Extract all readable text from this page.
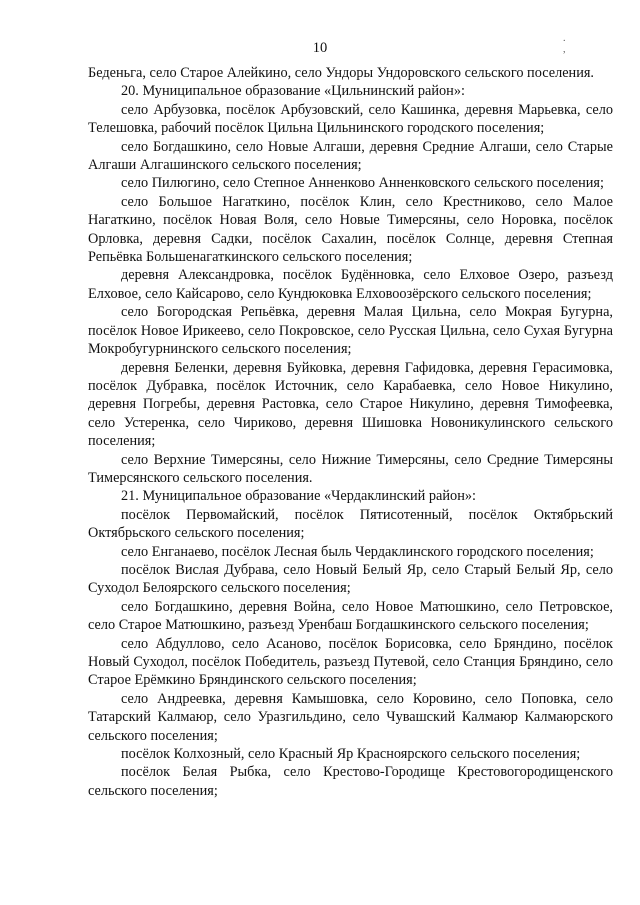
. ,
10

Беденьга, село Старое Алейкино, село Ундоры Ундоровского сельского поселения.

20. Муниципальное образование «Цильнинский район»:

село Арбузовка, посёлок Арбузовский, село Кашинка, деревня Марьевка, село Телешовка, рабочий посёлок Цильна Цильнинского городского поселения;

село Богдашкино, село Новые Алгаши, деревня Средние Алгаши, село Старые Алгаши Алгашинского сельского поселения;

село Пилюгино, село Степное Анненково Анненковского сельского поселения;

село Большое Нагаткино, посёлок Клин, село Крестниково, село Малое Нагаткино, посёлок Новая Воля, село Новые Тимерсяны, село Норовка, посёлок Орловка, деревня Садки, посёлок Сахалин, посёлок Солнце, деревня Степная Репьёвка Большенагаткинского сельского поселения;

деревня Александровка, посёлок Будённовка, село Елховое Озеро, разъезд Елховое, село Кайсарово, село Кундюковка Елховоозёрского сельского поселения;

село Богородская Репьёвка, деревня Малая Цильна, село Мокрая Бугурна, посёлок Новое Ирикеево, село Покровское, село Русская Цильна, село Сухая Бугурна Мокробугурнинского сельского поселения;

деревня Беленки, деревня Буйковка, деревня Гафидовка, деревня Герасимовка, посёлок Дубравка, посёлок Источник, село Карабаевка, село Новое Никулино, деревня Погребы, деревня Растовка, село Старое Никулино, деревня Тимофеевка, село Устеренка, село Чириково, деревня Шишовка Новоникулинского сельского поселения;

село Верхние Тимерсяны, село Нижние Тимерсяны, село Средние Тимерсяны Тимерсянского сельского поселения.

21. Муниципальное образование «Чердаклинский район»:

посёлок Первомайский, посёлок Пятисотенный, посёлок Октябрьский Октябрьского сельского поселения;

село Енганаево, посёлок Лесная быль Чердаклинского городского поселения;

посёлок Вислая Дубрава, село Новый Белый Яр, село Старый Белый Яр, село Суходол Белоярского сельского поселения;

село Богдашкино, деревня Война, село Новое Матюшкино, село Петровское, село Старое Матюшкино, разъезд Уренбаш Богдашкинского сельского поселения;

село Абдуллово, село Асаново, посёлок Борисовка, село Бряндино, посёлок Новый Суходол, посёлок Победитель, разъезд Путевой, село Станция Бряндино, село Старое Ерёмкино Бряндинского сельского поселения;

село Андреевка, деревня Камышовка, село Коровино, село Поповка, село Татарский Калмаюр, село Уразгильдино, село Чувашский Калмаюр Калмаюрского сельского поселения;

посёлок Колхозный, село Красный Яр Красноярского сельского поселения;

посёлок Белая Рыбка, село Крестово-Городище Крестовогородищенского сельского поселения;
